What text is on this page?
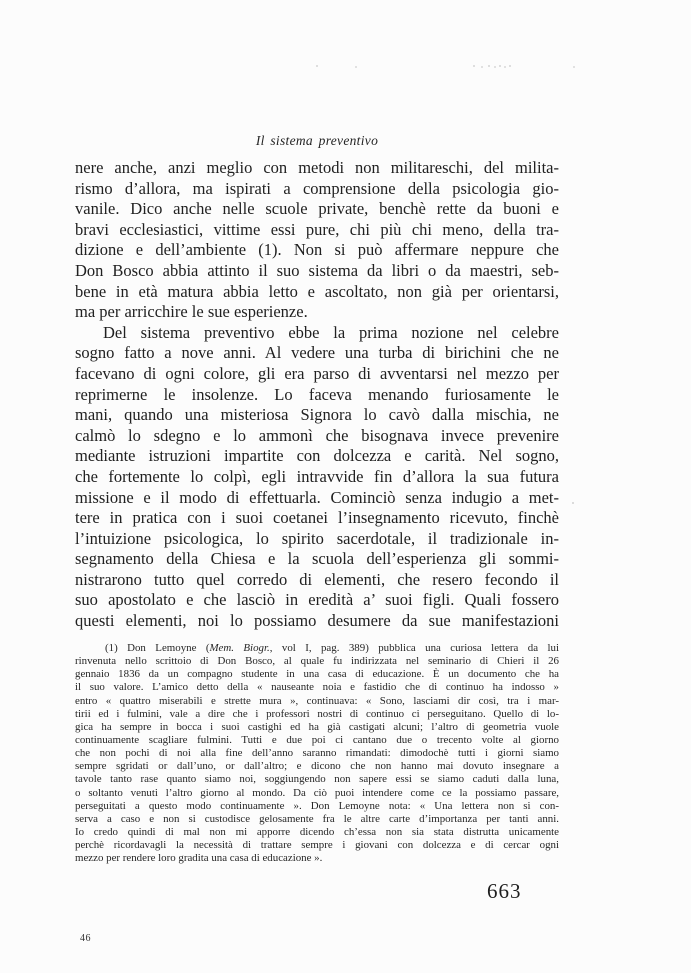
Il sistema preventivo
nere anche, anzi meglio con metodi non militareschi, del milita-
rismo d’allora, ma ispirati a comprensione della psicologia gio-
vanile. Dico anche nelle scuole private, benchè rette da buoni e
bravi ecclesiastici, vittime essi pure, chi più chi meno, della tra-
dizione e dell’ambiente (1). Non si può affermare neppure che
Don Bosco abbia attinto il suo sistema da libri o da maestri, seb-
bene in età matura abbia letto e ascoltato, non già per orientarsi,
ma per arricchire le sue esperienze.
Del sistema preventivo ebbe la prima nozione nel celebre
sogno fatto a nove anni. Al vedere una turba di birichini che ne
facevano di ogni colore, gli era parso di avventarsi nel mezzo per
reprimerne le insolenze. Lo faceva menando furiosamente le
mani, quando una misteriosa Signora lo cavò dalla mischia, ne
calmò lo sdegno e lo ammonì che bisognava invece prevenire
mediante istruzioni impartite con dolcezza e carità. Nel sogno,
che fortemente lo colpì, egli intravvide fin d’allora la sua futura
missione e il modo di effettuarla. Cominciò senza indugio a met-
tere in pratica con i suoi coetanei l’insegnamento ricevuto, finchè
l’intuizione psicologica, lo spirito sacerdotale, il tradizionale in-
segnamento della Chiesa e la scuola dell’esperienza gli sommi-
nistrarono tutto quel corredo di elementi, che resero fecondo il
suo apostolato e che lasciò in eredità a’ suoi figli. Quali fossero
questi elementi, noi lo possiamo desumere da sue manifestazioni
(1) Don Lemoyne (Mem. Biogr., vol I, pag. 389) pubblica una curiosa lettera da lui
rinvenuta nello scrittoio di Don Bosco, al quale fu indirizzata nel seminario di Chieri il 26
gennaio 1836 da un compagno studente in una casa di educazione. È un documento che ha
il suo valore. L’amico detto della « nauseante noia e fastidio che di continuo ha indosso »
entro « quattro miserabili e strette mura », continuava: « Sono, lasciami dir così, tra i mar-
tirii ed i fulmini, vale a dire che i professori nostri di continuo ci perseguitano. Quello di lo-
gica ha sempre in bocca i suoi castighi ed ha già castigati alcuni; l’altro di geometria vuole
continuamente scagliare fulmini. Tutti e due poi ci cantano due o trecento volte al giorno
che non pochi di noi alla fine dell’anno saranno rimandati: dimodochè tutti i giorni siamo
sempre sgridati or dall’uno, or dall’altro; e dicono che non hanno mai dovuto insegnare a
tavole tanto rase quanto siamo noi, soggiungendo non sapere essi se siamo caduti dalla luna,
o soltanto venuti l’altro giorno al mondo. Da ciò puoi intendere come ce la possiamo passare,
perseguitati a questo modo continuamente ». Don Lemoyne nota: « Una lettera non si con-
serva a caso e non si custodisce gelosamente fra le altre carte d’importanza per tanti anni.
Io credo quindi di mal non mi apporre dicendo ch’essa non sia stata distrutta unicamente
perchè ricordavagli la necessità di trattare sempre i giovani con dolcezza e di cercar ogni
mezzo per rendere loro gradita una casa di educazione ».
663
46
